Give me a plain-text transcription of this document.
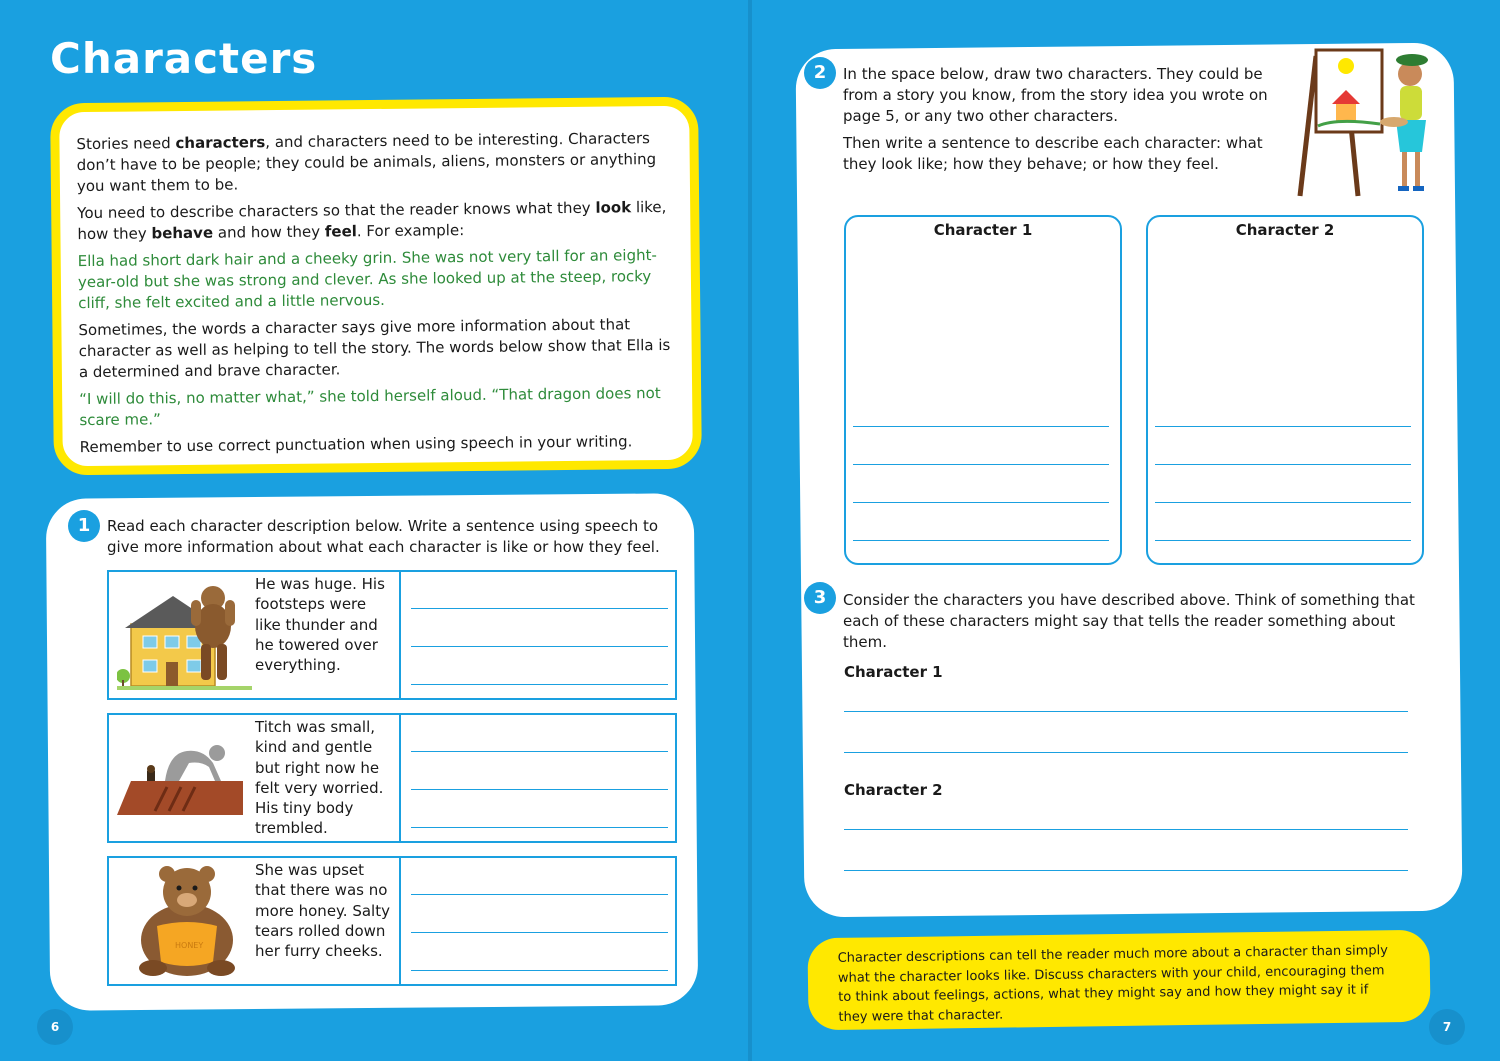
Characters

Stories need characters, and characters need to be interesting. Characters don’t have to be people; they could be animals, aliens, monsters or anything you want them to be.

You need to describe characters so that the reader knows what they look like, how they behave and how they feel. For example:

Ella had short dark hair and a cheeky grin. She was not very tall for an eight-year-old but she was strong and clever. As she looked up at the steep, rocky cliff, she felt excited and a little nervous.

Sometimes, the words a character says give more information about that character as well as helping to tell the story. The words below show that Ella is a determined and brave character.

“I will do this, no matter what,” she told herself aloud. “That dragon does not scare me.”

Remember to use correct punctuation when using speech in your writing.

1	Read each character description below. Write a sentence using speech to give more information about what each character is like or how they feel.
He was huge. His footsteps were like thunder and he towered over everything.
Titch was small, kind and gentle but right now he felt very worried. His tiny body trembled.
HONEY
She was upset that there was no more honey. Salty tears rolled down her furry cheeks.
6
2	In the space below, draw two characters. They could be from a story you know, from the story idea you wrote on page 5, or any two other characters.

Then write a sentence to describe each character: what they look like; how they behave; or how they feel.

Character 1	Character 2
3	Consider the characters you have described above. Think of something that each of these characters might say that tells the reader something about them.
Character 1
Character 2
Character descriptions can tell the reader much more about a character than simply what the character looks like. Discuss characters with your child, encouraging them to think about feelings, actions, what they might say and how they might say it if they were that character.
7
